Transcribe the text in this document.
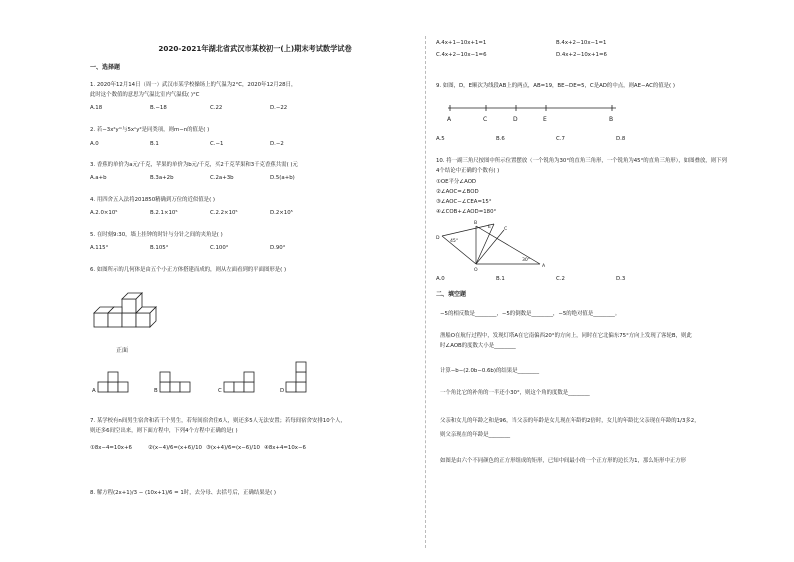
2020-2021年湖北省武汉市某校初一(上)期末考试数学试卷
一、选择题
1. 2020年12月14日（周一）武汉市某学校操场上的气温为2°C，2020年12月28日，
此时这个数值的意思为气温比室内气温低( )°C
A.18	B.−18	C.22	D.−22
2. 若−3x²yᵐ与5xⁿy²是同类项，则m−n的值是( )
A.0	B.1	C.−1	D.−2
3. 香蕉的单价为a元/千克，苹果的单价为b元/千克，买2千克苹果和3千克香蕉共需( )元
A.a+b	B.3a+2b	C.2a+3b	D.5(a+b)
4. 用四舍五入法将201850精确到万位的近似值是( )
A.2.0×10⁵	B.2.1×10⁵	C.2.2×10⁵	D.2×10⁵
5. 在时刻9:30，墙上挂钟的时针与分针之间的夹角是( )
A.115°	B.105°	C.100°	D.90°
6. 如图所示的几何体是由五个小正方体搭建而成的，则从左面看到的平面图形是( )
正面
A	B	C	D
7. 某学校有n间男生宿舍和若干个男生，若每间宿舍住6人，则还多5人无法安置；若每间宿舍安排10个人，
则还多6间空出来，则下面方程中，下列4个方程中正确的是( )
①8x−4=10x+6	②(x−4)/6=(x+6)/10 ③(x+4)/6=(x−6)/10 ④8x+4=10x−6
8. 解方程(2x+1)/3 − (10x+1)/6 = 1时，去分母、去括号后，正确结果是( )
A.4x+1−10x+1=1	B.4x+2−10x−1=1
C.4x+2−10x−1=6	D.4x+2−10x+1=6
9. 如图，D，E顺次为线段AB上的两点，AB=19，BE−DE=5，C是AD的中点，则AE−AC的值是( )
A	C	D	E	B
A.5	B.6	C.7	D.8
10. 将一副三角尺按图中所示位置摆放（一个锐角为30°的直角三角形，一个锐角为45°的直角三角形），如图叠放，则下列
4个结论中正确的个数有( )
①OE平分∠AOD
②∠AOC=∠BOD
③∠AOC−∠CEA=15°
④∠COB+∠AOD=180°
B
E	C
D
A
O
45°
30°
A.0	B.1	C.2	D.3
二、填空题
−5的相反数是________，−5的倒数是________，−5的绝对值是________。
渔船O在航行过程中，发现灯塔A在它南偏西20°的方向上，同时在它北偏东75°方向上发现了客轮B，则此
时∠AOB的度数大小是________
计算−b−(2.0b−0.6b)的结果是________
一个角比它的补角的一半还小30°，则这个角的度数是________
父亲和女儿的年龄之和是96，当父亲的年龄是女儿现在年龄的2倍时，女儿的年龄比父亲现在年龄的1/3多2，
则父亲现在的年龄是________
如图是由六个不同颜色的正方形组成的矩形，已知中间最小的一个正方形的边长为1，那么矩形中正方形
